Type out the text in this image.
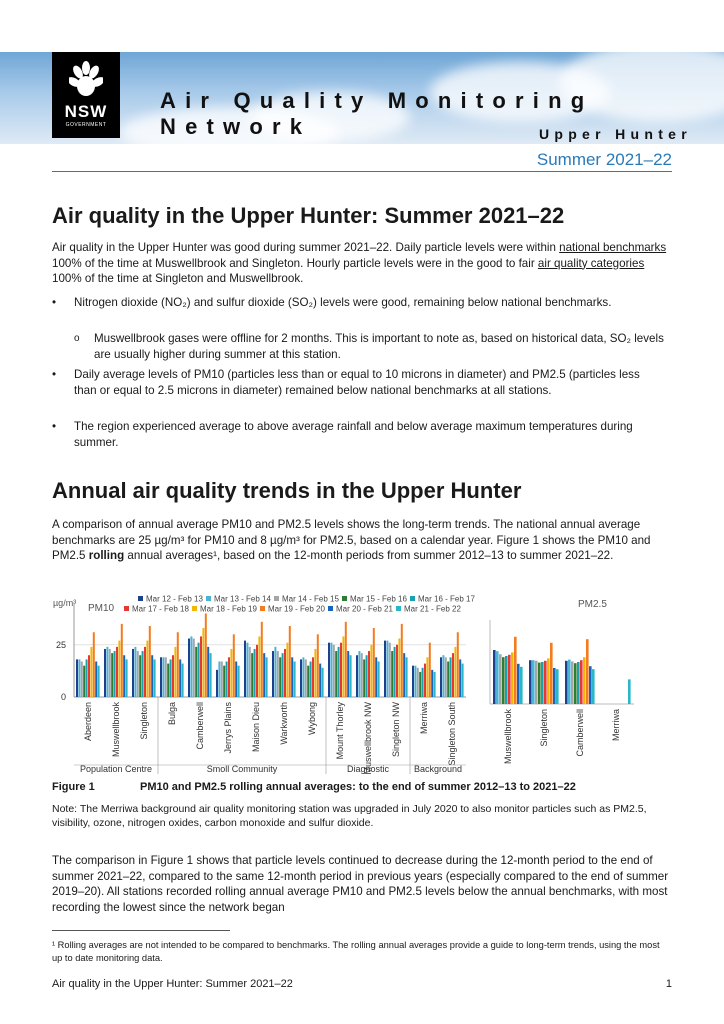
NSW
GOVERNMENT
Air Quality Monitoring Network	Upper Hunter
Summer 2021–22
Air quality in the Upper Hunter: Summer 2021–22

Air quality in the Upper Hunter was good during summer 2021–22. Daily particle levels were within national benchmarks 100% of the time at Muswellbrook and Singleton. Hourly particle levels were in the good to fair air quality categories 100% of the time at Singleton and Muswellbrook.

• Nitrogen dioxide (NO₂) and sulfur dioxide (SO₂) levels were good, remaining below national benchmarks.
o Muswellbrook gases were offline for 2 months. This is important to note as, based on historical data, SO₂ levels are usually higher during summer at this station.
• Daily average levels of PM10 (particles less than or equal to 10 microns in diameter) and PM2.5 (particles less than or equal to 2.5 microns in diameter) remained below national benchmarks at all stations.
• The region experienced average to above average rainfall and below average maximum temperatures during summer.
Annual air quality trends in the Upper Hunter

A comparison of annual average PM10 and PM2.5 levels shows the long-term trends. The national annual average benchmarks are 25 µg/m³ for PM10 and 8 µg/m³ for PM2.5, based on a calendar year. Figure 1 shows the PM10 and PM2.5 rolling annual averages¹, based on the 12-month periods from summer 2012–13 to summer 2021–22.

Mar 12 - Feb 13 Mar 13 - Feb 14 Mar 14 - Feb 15 Mar 15 - Feb 16 Mar 16 - Feb 17
Mar 17 - Feb 18 Mar 18 - Feb 19 Mar 19 - Feb 20 Mar 20 - Feb 21 Mar 21 - Feb 22
µg/m³ PM10
0
25
Aberdeen Muswellbrook Singleton Bulga Camberwell Jerrys Plains Maison Dieu Warkworth Wybong Mount Thorley Muswellbrook NW Singleton NW Merriwa Singleton South
Population Centre	Smoll Community	Diagnostic	Background
PM2.5
Muswellbrook	Singleton	Camberwell	Merriwa
Figure 1	PM10 and PM2.5 rolling annual averages: to the end of summer 2012–13 to 2021–22
Note: The Merriwa background air quality monitoring station was upgraded in July 2020 to also monitor particles such as PM2.5, visibility, ozone, nitrogen oxides, carbon monoxide and sulfur dioxide.

The comparison in Figure 1 shows that particle levels continued to decrease during the 12-month period to the end of summer 2021–22, compared to the same 12-month period in previous years (especially compared to the end of summer 2019–20). All stations recorded rolling annual average PM10 and PM2.5 levels below the annual benchmarks, with most recording the lowest since the network began

¹ Rolling averages are not intended to be compared to benchmarks. The rolling annual averages provide a guide to long-term trends, using the most up to date monitoring data.
Air quality in the Upper Hunter: Summer 2021–22	1
